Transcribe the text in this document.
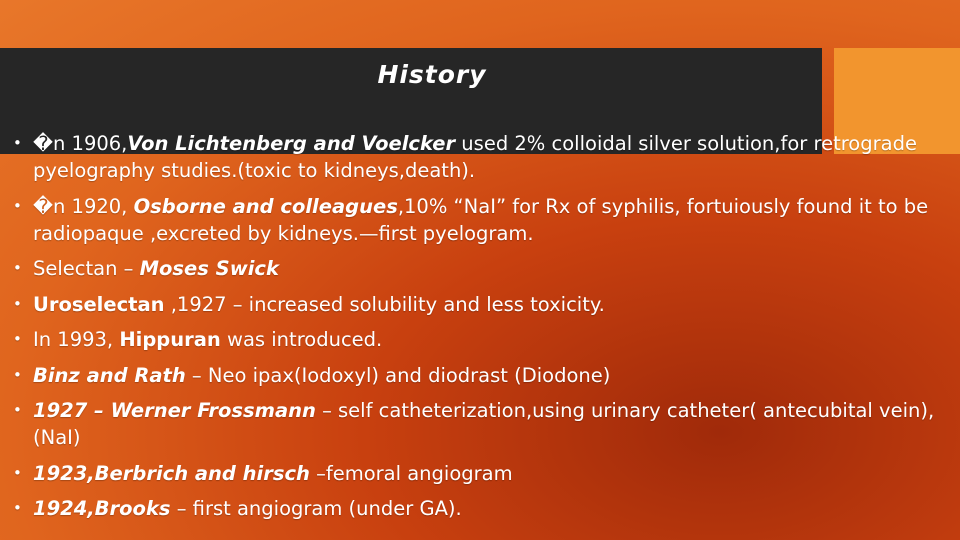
History
• �n 1906,Von Lichtenberg and Voelcker used 2% colloidal silver solution,for retrograde pyelography studies.(toxic to kidneys,death).
• �n 1920, Osborne and colleagues,10% “NaI” for Rx of syphilis, fortuiously found it to be radiopaque ,excreted by kidneys.—first pyelogram.
• Selectan – Moses Swick
• Uroselectan ,1927 – increased solubility and less toxicity.
• In 1993, Hippuran was introduced.
• Binz and Rath – Neo ipax(Iodoxyl) and diodrast (Diodone)
• 1927 – Werner Frossmann – self catheterization,using urinary catheter( antecubital vein),(NaI)
• 1923,Berbrich and hirsch –femoral angiogram
• 1924,Brooks – first angiogram (under GA).
